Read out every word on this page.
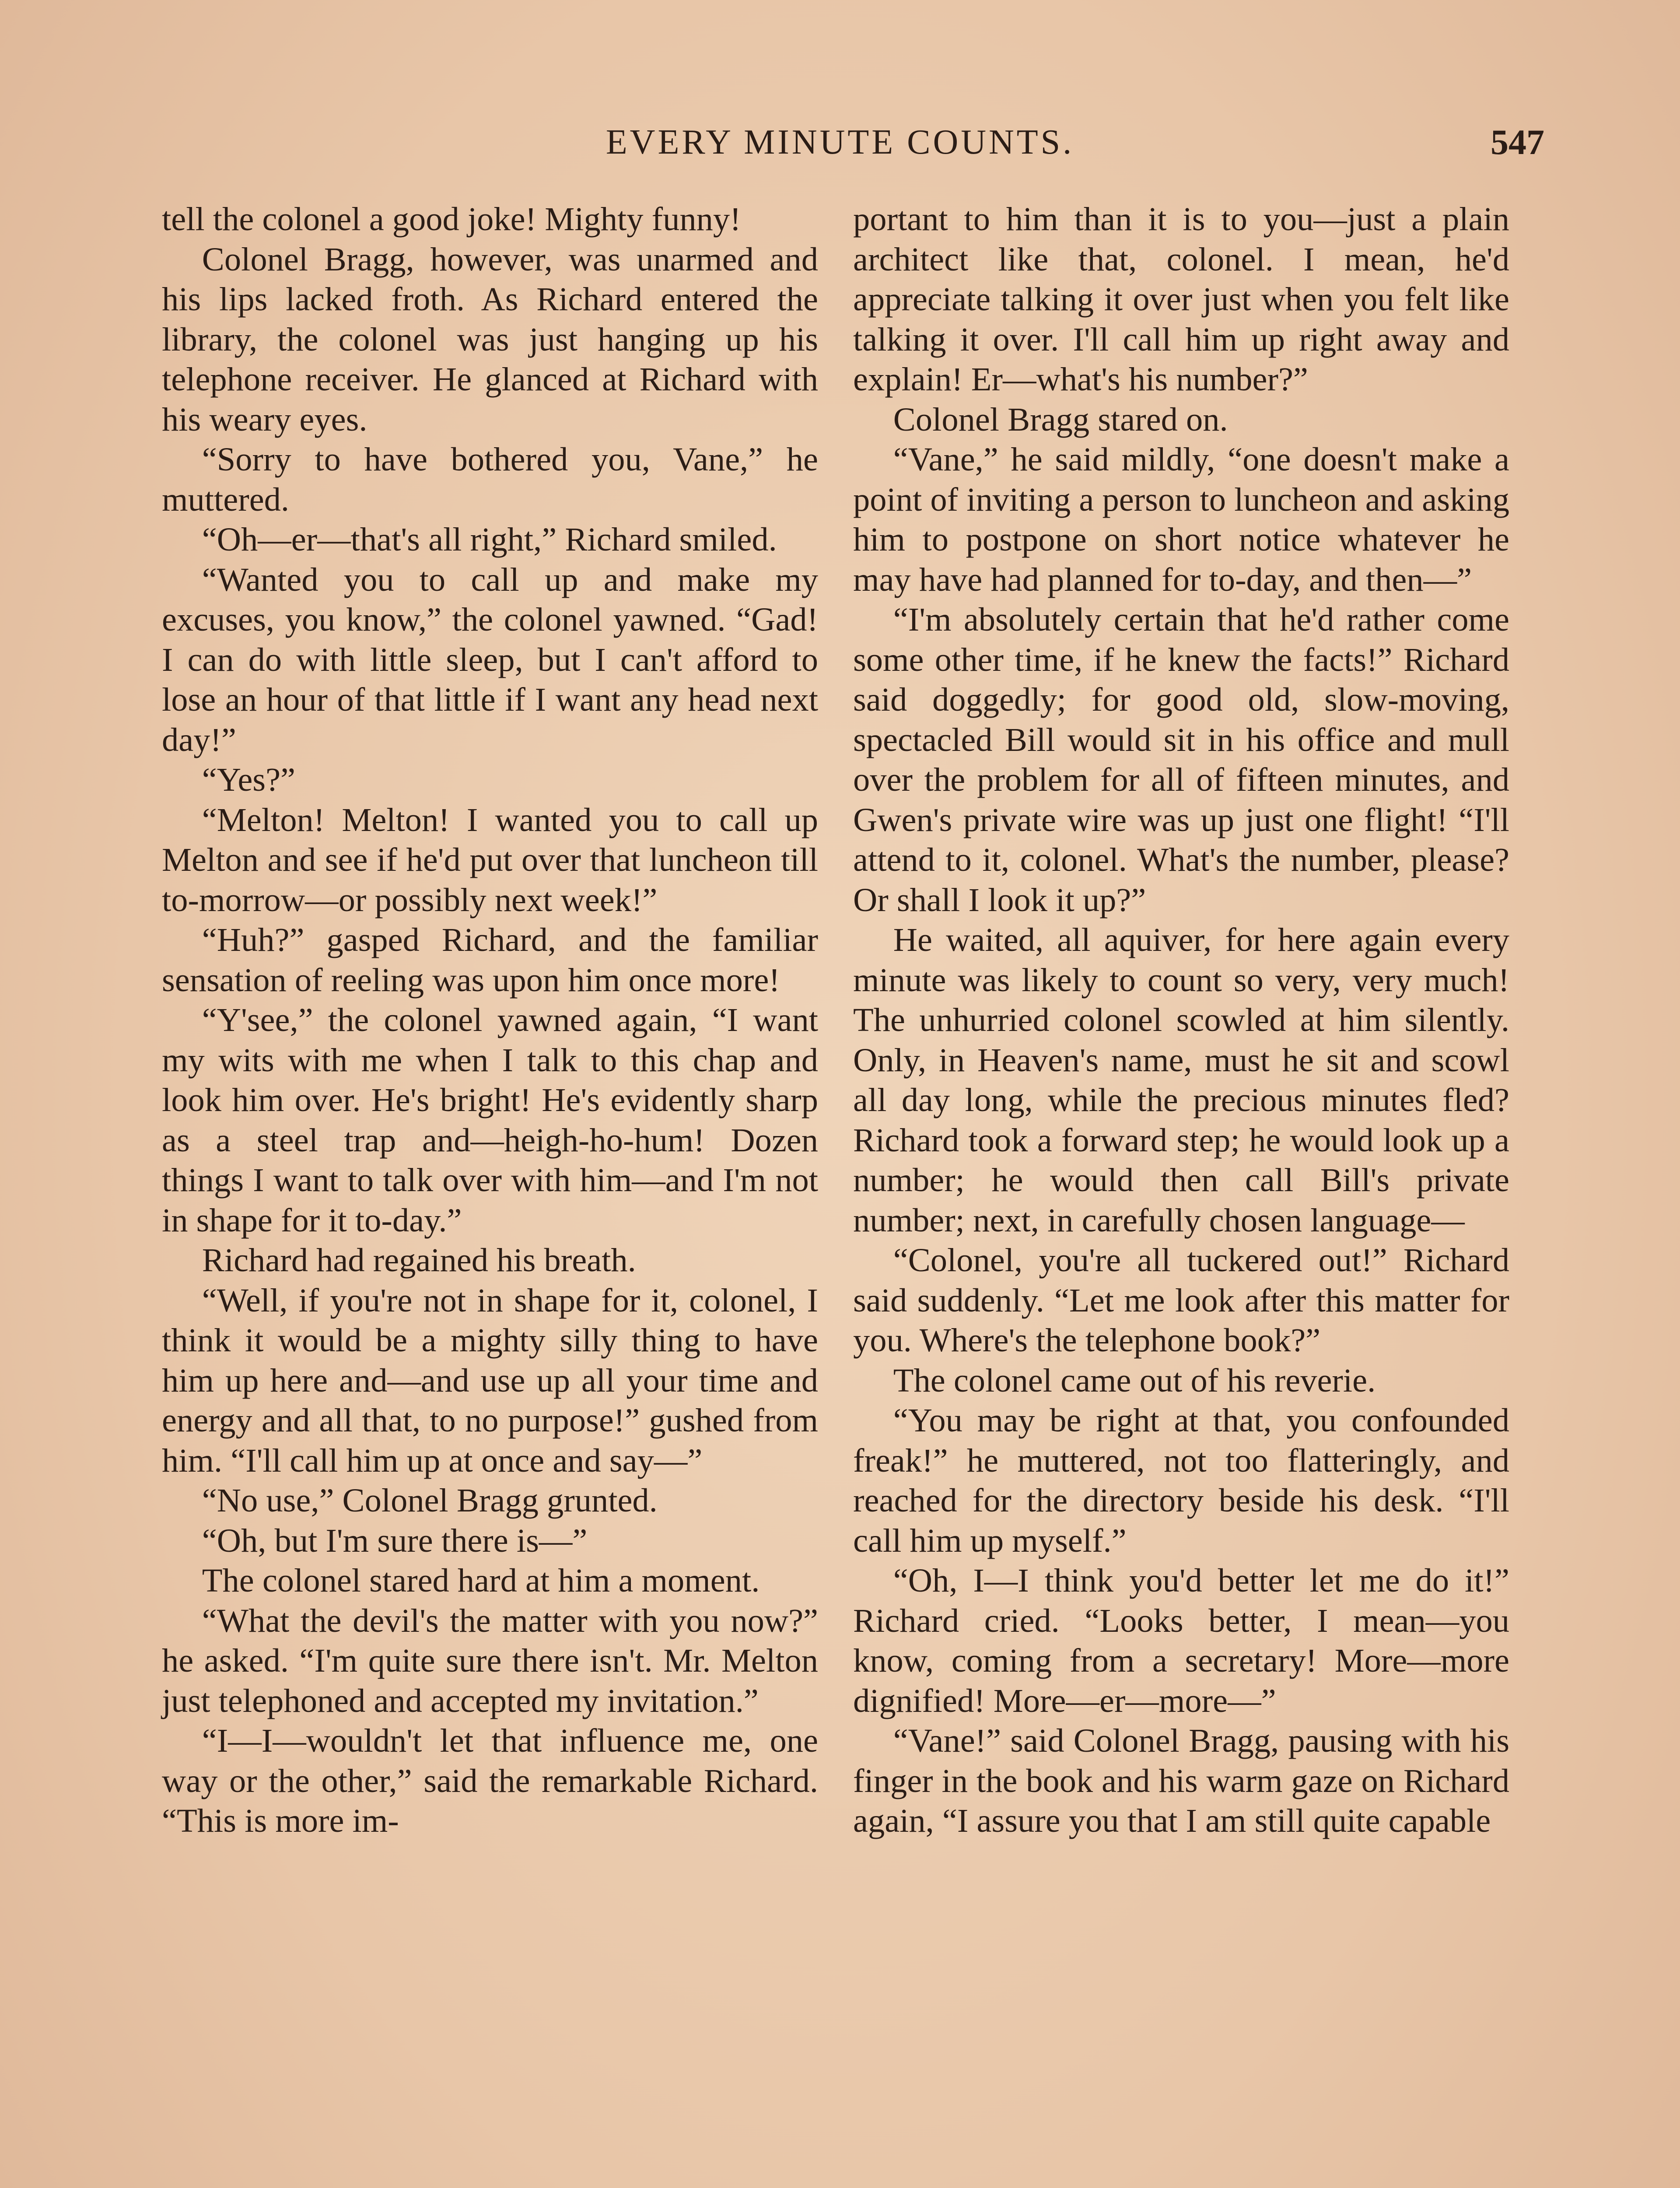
EVERY MINUTE COUNTS.	547

tell the colonel a good joke! Mighty funny!

Colonel Bragg, however, was unarmed and his lips lacked froth. As Richard entered the library, the colonel was just hanging up his telephone receiver. He glanced at Richard with his weary eyes.

“Sorry to have bothered you, Vane,” he muttered.

“Oh—er—that's all right,” Richard smiled.

“Wanted you to call up and make my excuses, you know,” the colonel yawned. “Gad! I can do with little sleep, but I can't afford to lose an hour of that little if I want any head next day!”

“Yes?”

“Melton! Melton! I wanted you to call up Melton and see if he'd put over that luncheon till to-morrow—or possibly next week!”

“Huh?” gasped Richard, and the familiar sensation of reeling was upon him once more!

“Y'see,” the colonel yawned again, “I want my wits with me when I talk to this chap and look him over. He's bright! He's evidently sharp as a steel trap and—heigh-ho-hum! Dozen things I want to talk over with him—and I'm not in shape for it to-day.”

Richard had regained his breath.

“Well, if you're not in shape for it, colonel, I think it would be a mighty silly thing to have him up here and—and use up all your time and energy and all that, to no purpose!” gushed from him. “I'll call him up at once and say—”

“No use,” Colonel Bragg grunted.

“Oh, but I'm sure there is—”

The colonel stared hard at him a moment.

“What the devil's the matter with you now?” he asked. “I'm quite sure there isn't. Mr. Melton just telephoned and accepted my invitation.”

“I—I—wouldn't let that influence me, one way or the other,” said the remarkable Richard. “This is more im-

portant to him than it is to you—just a plain architect like that, colonel. I mean, he'd appreciate talking it over just when you felt like talking it over. I'll call him up right away and explain! Er—what's his number?”

Colonel Bragg stared on.

“Vane,” he said mildly, “one doesn't make a point of inviting a person to luncheon and asking him to postpone on short notice whatever he may have had planned for to-day, and then—”

“I'm absolutely certain that he'd rather come some other time, if he knew the facts!” Richard said doggedly; for good old, slow-moving, spectacled Bill would sit in his office and mull over the problem for all of fifteen minutes, and Gwen's private wire was up just one flight! “I'll attend to it, colonel. What's the number, please? Or shall I look it up?”

He waited, all aquiver, for here again every minute was likely to count so very, very much! The unhurried colonel scowled at him silently. Only, in Heaven's name, must he sit and scowl all day long, while the precious minutes fled? Richard took a forward step; he would look up a number; he would then call Bill's private number; next, in carefully chosen language—

“Colonel, you're all tuckered out!” Richard said suddenly. “Let me look after this matter for you. Where's the telephone book?”

The colonel came out of his reverie.

“You may be right at that, you confounded freak!” he muttered, not too flatteringly, and reached for the directory beside his desk. “I'll call him up myself.”

“Oh, I—I think you'd better let me do it!” Richard cried. “Looks better, I mean—you know, coming from a secretary! More—more dignified! More—er—more—”

“Vane!” said Colonel Bragg, pausing with his finger in the book and his warm gaze on Richard again, “I assure you that I am still quite capable
